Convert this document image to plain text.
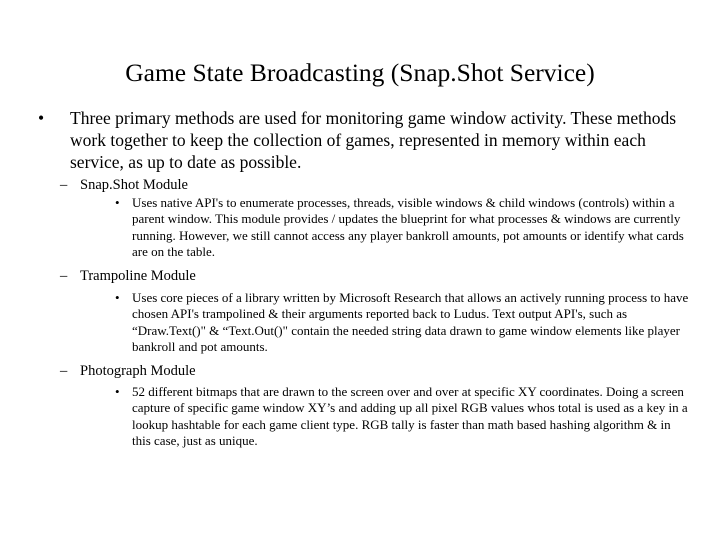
Game State Broadcasting (Snap.Shot Service)
• Three primary methods are used for monitoring game window activity. These methods work together to keep the collection of games, represented in memory within each service, as up to date as possible.
– Snap.Shot Module
• Uses native API's to enumerate processes, threads, visible windows & child windows (controls) within a parent window. This module provides / updates the blueprint for what processes & windows are currently running. However, we still cannot access any player bankroll amounts, pot amounts or identify what cards are on the table.
– Trampoline Module
• Uses core pieces of a library written by Microsoft Research that allows an actively running process to have chosen API's trampolined & their arguments reported back to Ludus. Text output API's, such as “Draw.Text()" & “Text.Out()" contain the needed string data drawn to game window elements like player bankroll and pot amounts.
– Photograph Module
• 52 different bitmaps that are drawn to the screen over and over at specific XY coordinates. Doing a screen capture of specific game window XY’s and adding up all pixel RGB values whos total is used as a key in a lookup hashtable for each game client type. RGB tally is faster than math based hashing algorithm & in this case, just as unique.
